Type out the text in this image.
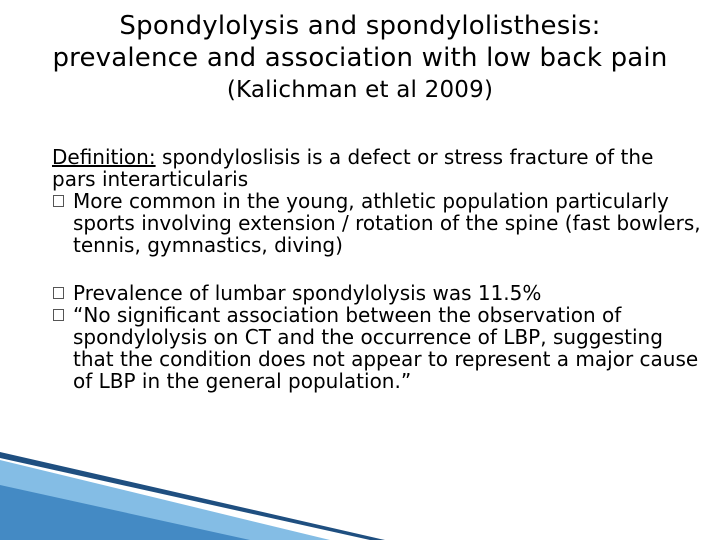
Spondylolysis and spondylolisthesis:
prevalence and association with low back pain
(Kalichman et al 2009)

Definition: spondyloslisis is a defect or stress fracture of the pars interarticularis

More common in the young, athletic population particularly sports involving extension / rotation of the spine (fast bowlers, tennis, gymnastics, diving)

Prevalence of lumbar spondylolysis was 11.5%

“No significant association between the observation of spondylolysis on CT and the occurrence of LBP, suggesting that the condition does not appear to represent a major cause of LBP in the general population.”
